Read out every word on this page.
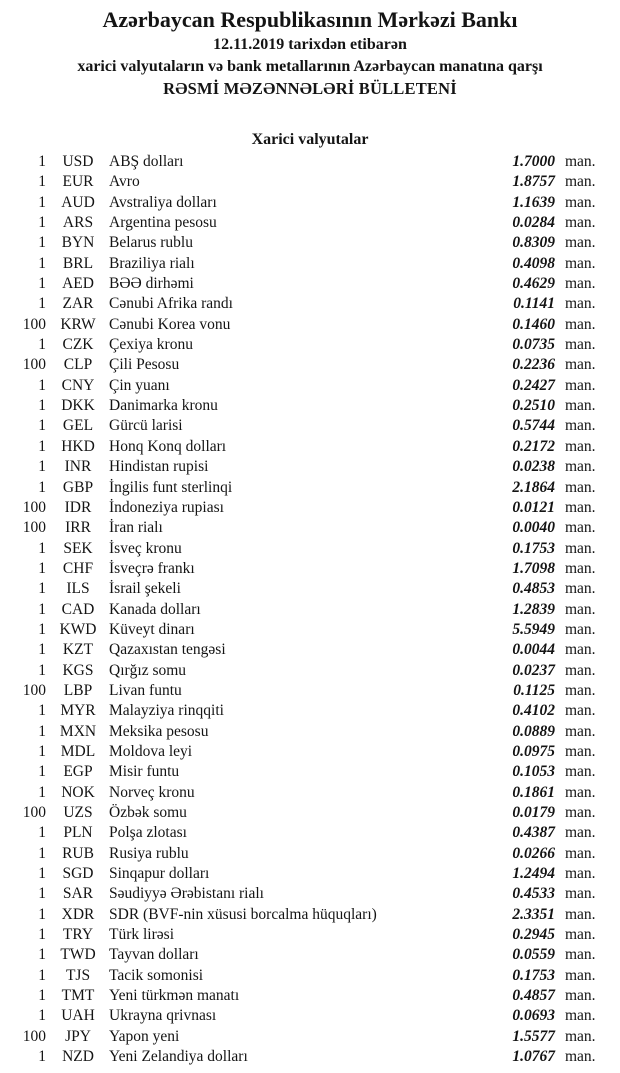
Azərbaycan Respublikasının Mərkəzi Bankı
12.11.2019 tarixdən etibarən
xarici valyutaların və bank metallarının Azərbaycan manatına qarşı
RƏSMİ MƏZƏNNƏLƏRİ BÜLLETENİ
Xarici valyutalar
1	USD	ABŞ dolları	1.7000 man.
1	EUR	Avro	1.8757 man.
1 AUD Avstraliya dolları	1.1639 man.
1	ARS	Argentina pesosu	0.0284 man.
1	BYN Belarus rublu	0.8309 man.
1	BRL	Braziliya rialı	0.4098 man.
1	AED BƏƏ dirhəmi	0.4629 man.
1	ZAR	Cənubi Afrika randı	0.1141 man.
100 KRW Cənubi Korea vonu	0.1460 man.
1	CZK	Çexiya kronu	0.0735 man.
100	CLP	Çili Pesosu	0.2236 man.
1	CNY Çin yuanı	0.2427 man.
1 DKK Danimarka kronu	0.2510 man.
1	GEL	Gürcü larisi	0.5744 man.
1 HKD Honq Konq dolları	0.2172 man.
1	INR	Hindistan rupisi	0.0238 man.
1	GBP	İngilis funt sterlinqi	2.1864 man.
100	IDR	İndoneziya rupiası	0.0121 man.
100	IRR	İran rialı	0.0040 man.
1	SEK	İsveç kronu	0.1753 man.
1	CHF	İsveçrə frankı	1.7098 man.
1	ILS	İsrail şekeli	0.4853 man.
1	CAD Kanada dolları	1.2839 man.
1 KWD Küveyt dinarı	5.5949 man.
1	KZT	Qazaxıstan tengəsi	0.0044 man.
1	KGS	Qırğız somu	0.0237 man.
100	LBP	Livan funtu	0.1125 man.
1 MYR Malayziya rinqqiti	0.4102 man.
1 MXN Meksika pesosu	0.0889 man.
1 MDL Moldova leyi	0.0975 man.
1	EGP	Misir funtu	0.1053 man.
1 NOK Norveç kronu	0.1861 man.
100	UZS	Özbək somu	0.0179 man.
1	PLN	Polşa zlotası	0.4387 man.
1	RUB Rusiya rublu	0.0266 man.
1	SGD	Sinqapur dolları	1.2494 man.
1	SAR	Səudiyyə Ərəbistanı rialı	0.4533 man.
1	XDR SDR (BVF-nin xüsusi borcalma hüquqları)	2.3351 man.
1	TRY	Türk lirəsi	0.2945 man.
1 TWD Tayvan dolları	0.0559 man.
1	TJS	Tacik somonisi	0.1753 man.
1	TMT Yeni türkmən manatı	0.4857 man.
1 UAH Ukrayna qrivnası	0.0693 man.
100	JPY	Yapon yeni	1.5577 man.
1	NZD Yeni Zelandiya dolları	1.0767 man.
